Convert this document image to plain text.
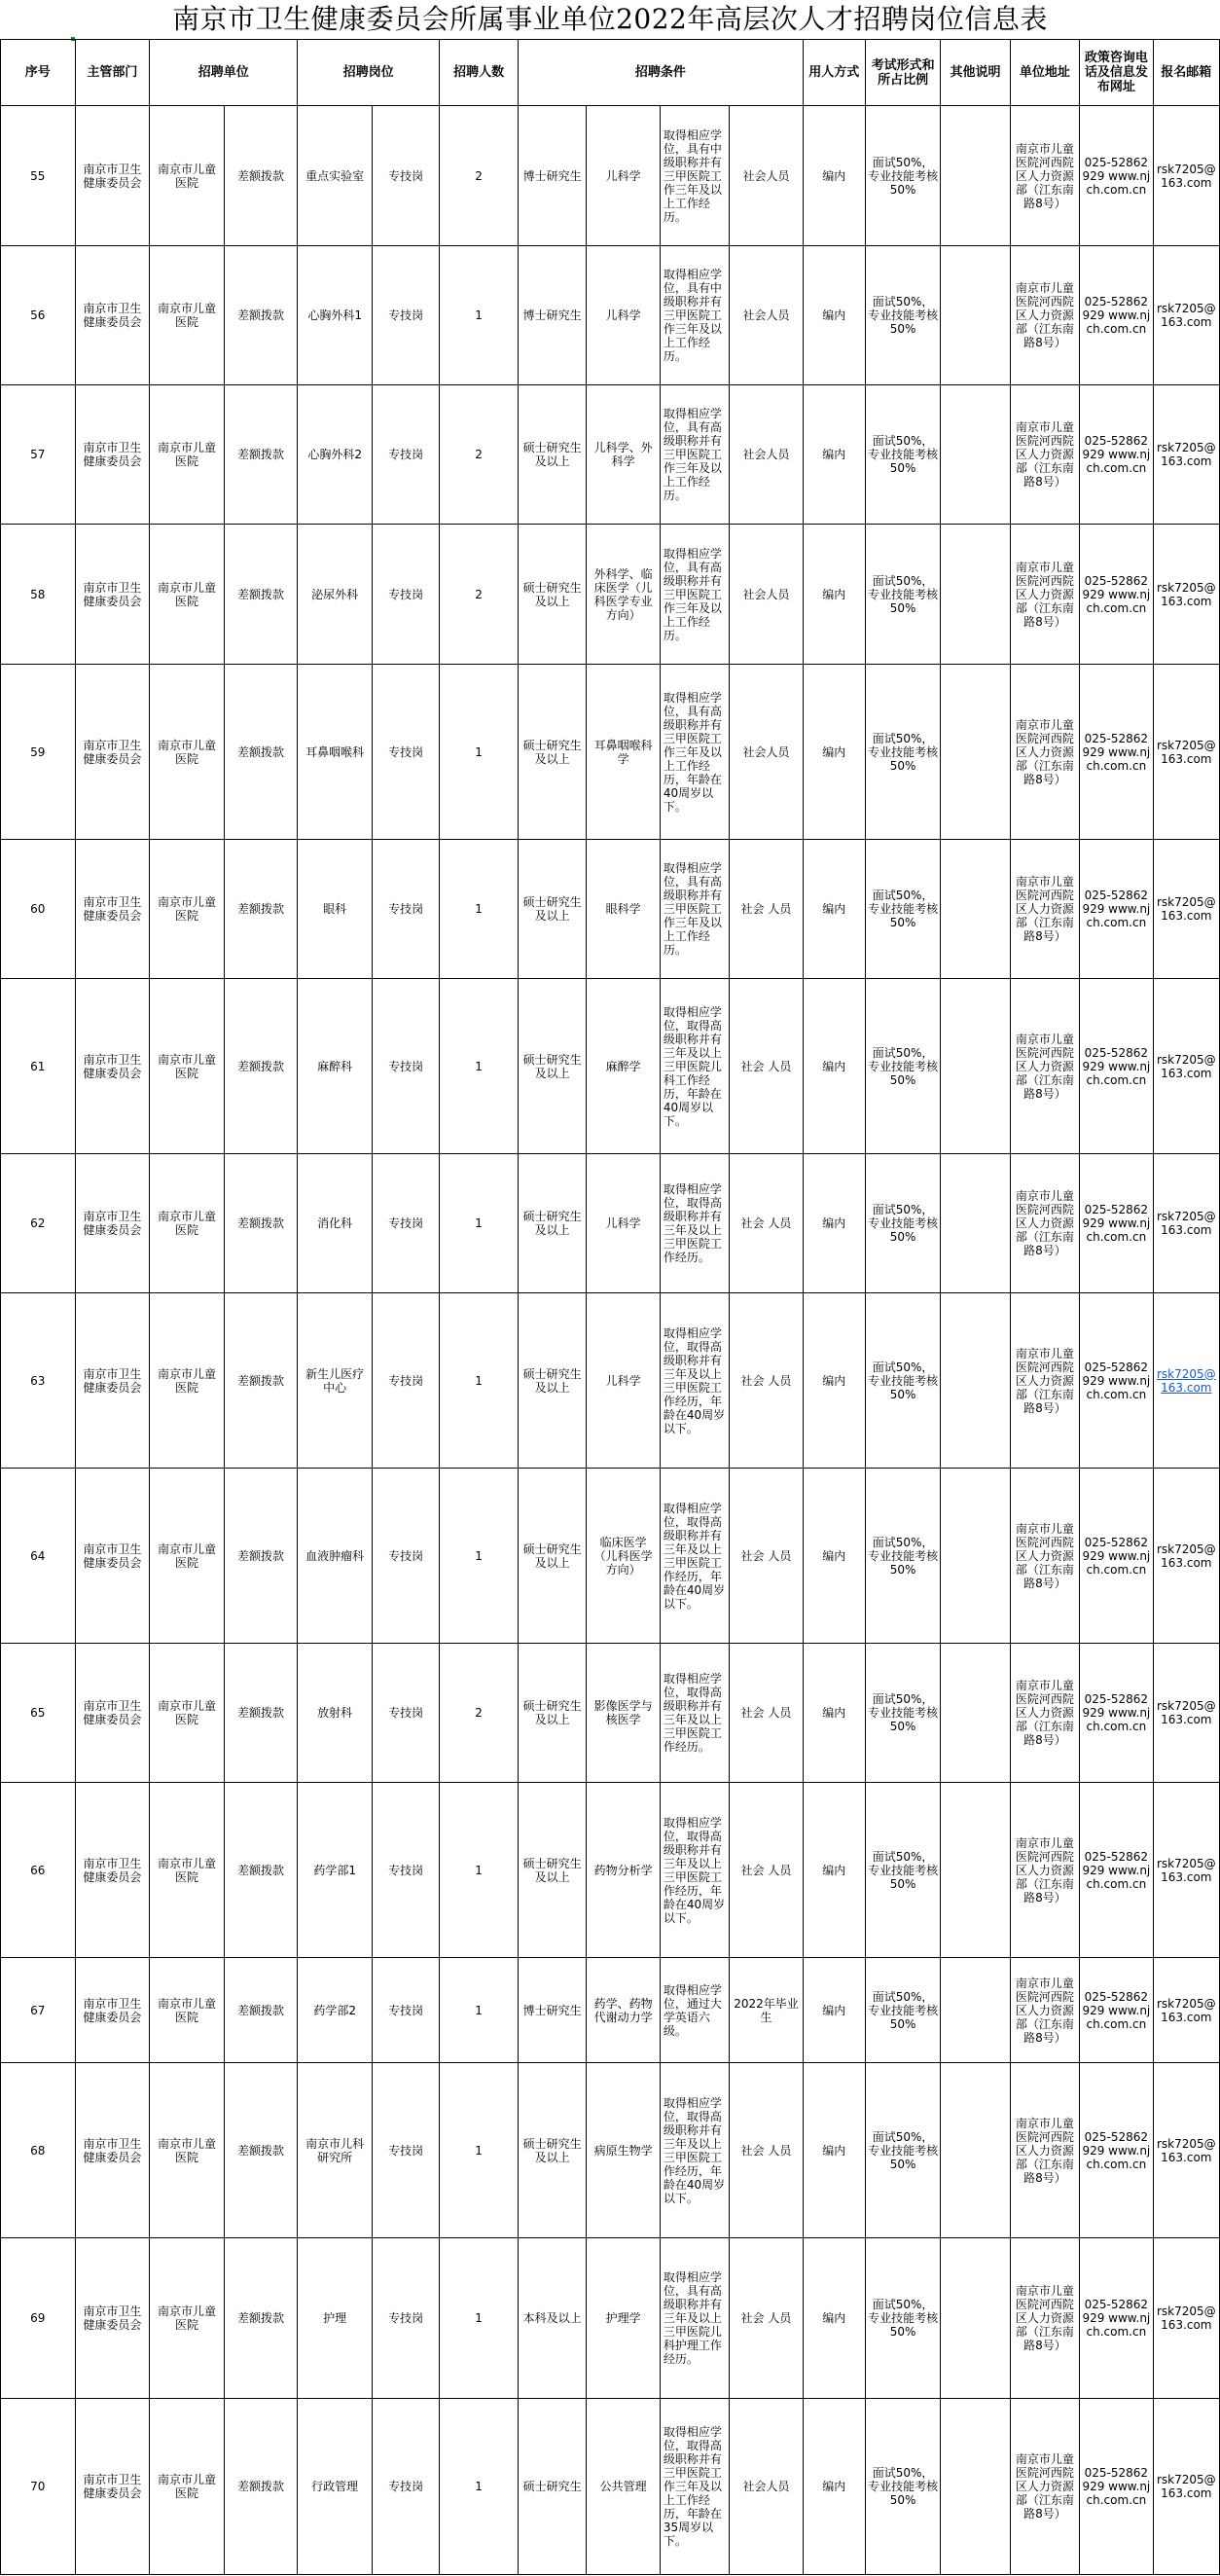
南京市卫生健康委员会所属事业单位2022年高层次人才招聘岗位信息表
序号	主管部门	招聘单位		招聘岗位		招聘人数	招聘条件				用人方式	考试形式和所占比例	其他说明	单位地址	政策咨询电话及信息发布网址	报名邮箱
55	南京市卫生健康委员会	南京市儿童医院	差额拨款	重点实验室	专技岗	2	博士研究生	儿科学	取得相应学位，具有中级职称并有三甲医院工作三年及以上工作经历。	社会人员	编内	面试50%，专业技能考核50%		南京市儿童医院河西院区人力资源部（江东南路8号）	025-52862929 www.njch.com.cn	rsk7205@163.com
56	南京市卫生健康委员会	南京市儿童医院	差额拨款	心胸外科1	专技岗	1	博士研究生	儿科学	取得相应学位，具有中级职称并有三甲医院工作三年及以上工作经历。	社会人员	编内	面试50%，专业技能考核50%		南京市儿童医院河西院区人力资源部（江东南路8号）	025-52862929 www.njch.com.cn	rsk7205@163.com
57	南京市卫生健康委员会	南京市儿童医院	差额拨款	心胸外科2	专技岗	2	硕士研究生及以上	儿科学、外科学	取得相应学位，具有高级职称并有三甲医院工作三年及以上工作经历。	社会人员	编内	面试50%，专业技能考核50%		南京市儿童医院河西院区人力资源部（江东南路8号）	025-52862929 www.njch.com.cn	rsk7205@163.com
58	南京市卫生健康委员会	南京市儿童医院	差额拨款	泌尿外科	专技岗	2	硕士研究生及以上	外科学、临床医学（儿科医学专业方向）	取得相应学位，具有高级职称并有三甲医院工作三年及以上工作经历。	社会人员	编内	面试50%，专业技能考核50%		南京市儿童医院河西院区人力资源部（江东南路8号）	025-52862929 www.njch.com.cn	rsk7205@163.com
59	南京市卫生健康委员会	南京市儿童医院	差额拨款	耳鼻咽喉科	专技岗	1	硕士研究生及以上	耳鼻咽喉科学	取得相应学位，具有高级职称并有三甲医院工作三年及以上工作经历，年龄在40周岁以下。	社会人员	编内	面试50%，专业技能考核50%		南京市儿童医院河西院区人力资源部（江东南路8号）	025-52862929 www.njch.com.cn	rsk7205@163.com
60	南京市卫生健康委员会	南京市儿童医院	差额拨款	眼科	专技岗	1	硕士研究生及以上	眼科学	取得相应学位，具有高级职称并有三甲医院工作三年及以上工作经历。	社会 人员	编内	面试50%，专业技能考核50%		南京市儿童医院河西院区人力资源部（江东南路8号）	025-52862929 www.njch.com.cn	rsk7205@163.com
61	南京市卫生健康委员会	南京市儿童医院	差额拨款	麻醉科	专技岗	1	硕士研究生及以上	麻醉学	取得相应学位，取得高级职称并有三年及以上三甲医院儿科工作经历，年龄在40周岁以下。	社会 人员	编内	面试50%，专业技能考核50%		南京市儿童医院河西院区人力资源部（江东南路8号）	025-52862929 www.njch.com.cn	rsk7205@163.com
62	南京市卫生健康委员会	南京市儿童医院	差额拨款	消化科	专技岗	1	硕士研究生及以上	儿科学	取得相应学位，取得高级职称并有三年及以上三甲医院工作经历。	社会 人员	编内	面试50%，专业技能考核50%		南京市儿童医院河西院区人力资源部（江东南路8号）	025-52862929 www.njch.com.cn	rsk7205@163.com
63	南京市卫生健康委员会	南京市儿童医院	差额拨款	新生儿医疗中心	专技岗	1	硕士研究生及以上	儿科学	取得相应学位，取得高级职称并有三年及以上三甲医院工作经历，年龄在40周岁以下。	社会 人员	编内	面试50%，专业技能考核50%		南京市儿童医院河西院区人力资源部（江东南路8号）	025-52862929 www.njch.com.cn	rsk7205@163.com
64	南京市卫生健康委员会	南京市儿童医院	差额拨款	血液肿瘤科	专技岗	1	硕士研究生及以上	临床医学（儿科医学方向）	取得相应学位，取得高级职称并有三年及以上三甲医院工作经历，年龄在40周岁以下。	社会 人员	编内	面试50%，专业技能考核50%		南京市儿童医院河西院区人力资源部（江东南路8号）	025-52862929 www.njch.com.cn	rsk7205@163.com
65	南京市卫生健康委员会	南京市儿童医院	差额拨款	放射科	专技岗	2	硕士研究生及以上	影像医学与核医学	取得相应学位，取得高级职称并有三年及以上三甲医院工作经历。	社会 人员	编内	面试50%，专业技能考核50%		南京市儿童医院河西院区人力资源部（江东南路8号）	025-52862929 www.njch.com.cn	rsk7205@163.com
66	南京市卫生健康委员会	南京市儿童医院	差额拨款	药学部1	专技岗	1	硕士研究生及以上	药物分析学	取得相应学位，取得高级职称并有三年及以上三甲医院工作经历，年龄在40周岁以下。	社会 人员	编内	面试50%，专业技能考核50%		南京市儿童医院河西院区人力资源部（江东南路8号）	025-52862929 www.njch.com.cn	rsk7205@163.com
67	南京市卫生健康委员会	南京市儿童医院	差额拨款	药学部2	专技岗	1	博士研究生	药学、药物代谢动力学	取得相应学位，通过大学英语六级。	2022年毕业生	编内	面试50%，专业技能考核50%		南京市儿童医院河西院区人力资源部（江东南路8号）	025-52862929 www.njch.com.cn	rsk7205@163.com
68	南京市卫生健康委员会	南京市儿童医院	差额拨款	南京市儿科研究所	专技岗	1	硕士研究生及以上	病原生物学	取得相应学位，取得高级职称并有三年及以上三甲医院工作经历，年龄在40周岁以下。	社会 人员	编内	面试50%，专业技能考核50%		南京市儿童医院河西院区人力资源部（江东南路8号）	025-52862929 www.njch.com.cn	rsk7205@163.com
69	南京市卫生健康委员会	南京市儿童医院	差额拨款	护理	专技岗	1	本科及以上	护理学	取得相应学位，具有高级职称并有三年及以上三甲医院儿科护理工作经历。	社会 人员	编内	面试50%，专业技能考核50%		南京市儿童医院河西院区人力资源部（江东南路8号）	025-52862929 www.njch.com.cn	rsk7205@163.com
70	南京市卫生健康委员会	南京市儿童医院	差额拨款	行政管理	专技岗	1	硕士研究生	公共管理	取得相应学位，取得高级职称并有三甲医院工作三年及以上工作经历，年龄在35周岁以下。	社会人员	编内	面试50%，专业技能考核50%		南京市儿童医院河西院区人力资源部（江东南路8号）	025-52862929 www.njch.com.cn	rsk7205@163.com
